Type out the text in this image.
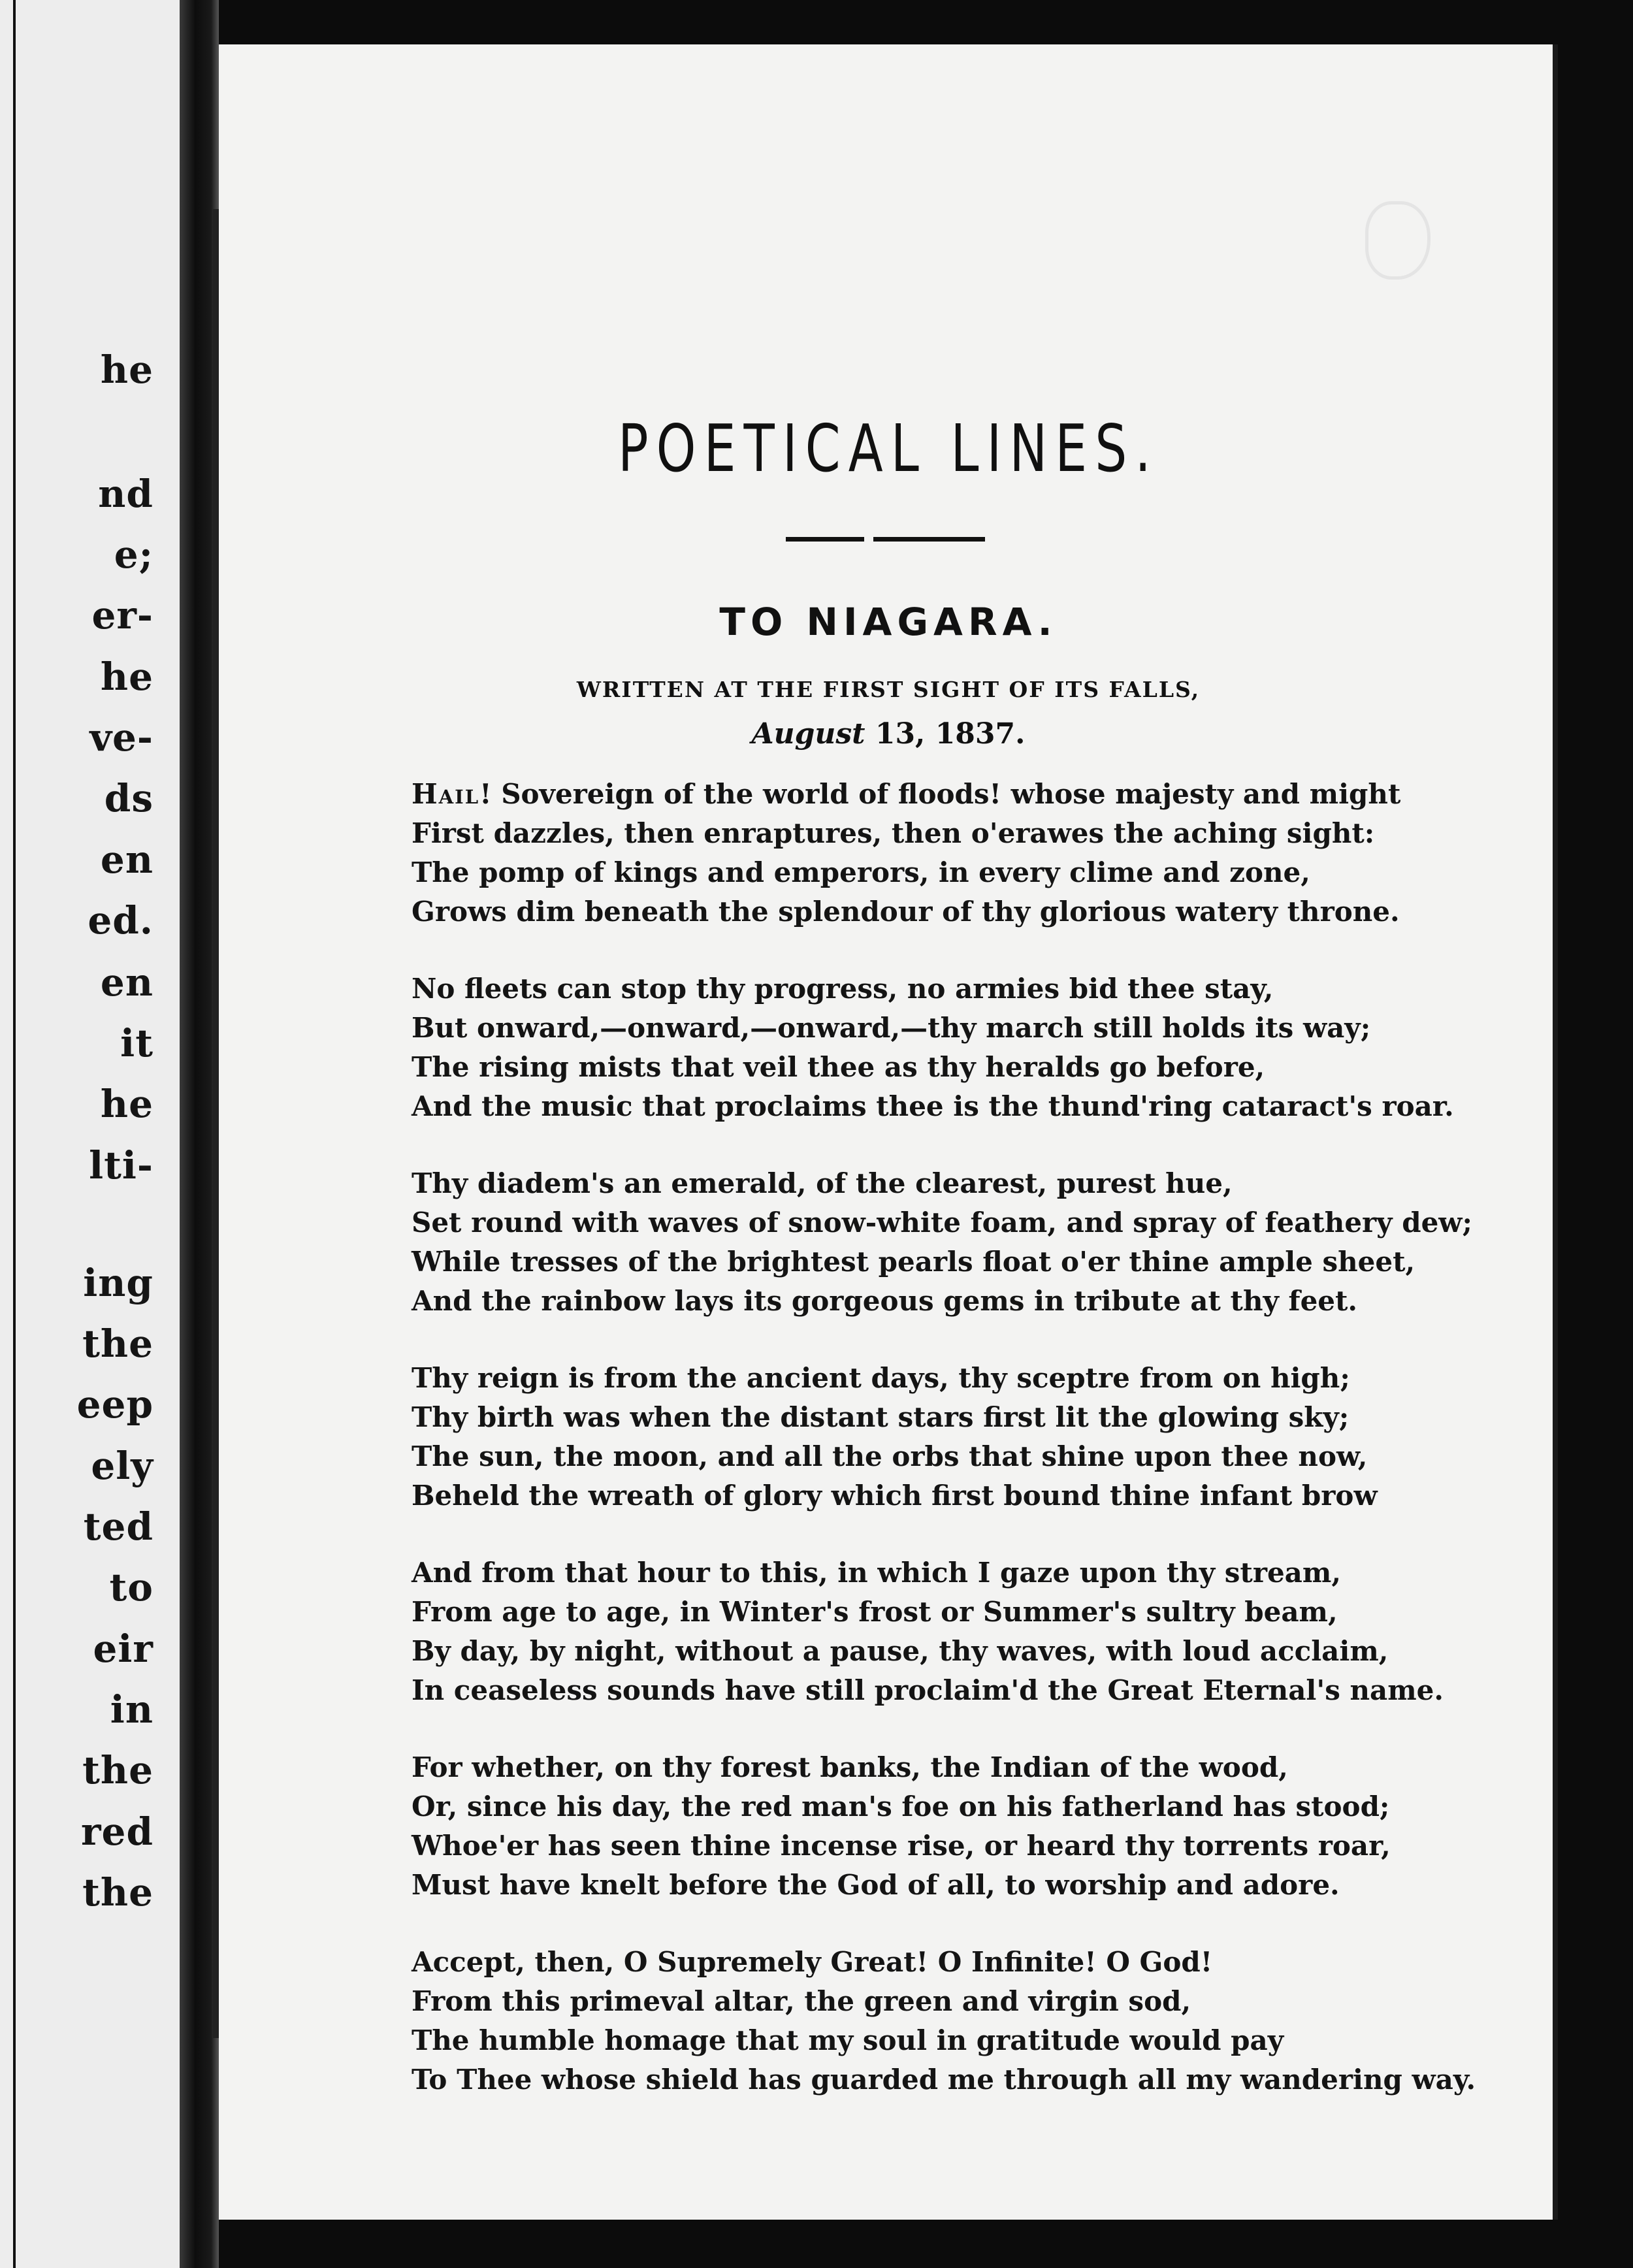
he
nd
e;
er-
he
ve-
ds
en
ed.
en
it
he
lti-
ing
the
eep
ely
ted
to
eir
in
the
red
the
POETICAL LINES.
TO NIAGARA.

WRITTEN AT THE FIRST SIGHT OF ITS FALLS,

August 13, 1837.

Hail! Sovereign of the world of floods! whose majesty and might
First dazzles, then enraptures, then o'erawes the aching sight:
The pomp of kings and emperors, in every clime and zone,
Grows dim beneath the splendour of thy glorious watery throne.
No fleets can stop thy progress, no armies bid thee stay,
But onward,—onward,—onward,—thy march still holds its way;
The rising mists that veil thee as thy heralds go before,
And the music that proclaims thee is the thund'ring cataract's roar.
Thy diadem's an emerald, of the clearest, purest hue,
Set round with waves of snow-white foam, and spray of feathery dew;
While tresses of the brightest pearls float o'er thine ample sheet,
And the rainbow lays its gorgeous gems in tribute at thy feet.
Thy reign is from the ancient days, thy sceptre from on high;
Thy birth was when the distant stars first lit the glowing sky;
The sun, the moon, and all the orbs that shine upon thee now,
Beheld the wreath of glory which first bound thine infant brow
And from that hour to this, in which I gaze upon thy stream,
From age to age, in Winter's frost or Summer's sultry beam,
By day, by night, without a pause, thy waves, with loud acclaim,
In ceaseless sounds have still proclaim'd the Great Eternal's name.
For whether, on thy forest banks, the Indian of the wood,
Or, since his day, the red man's foe on his fatherland has stood;
Whoe'er has seen thine incense rise, or heard thy torrents roar,
Must have knelt before the God of all, to worship and adore.
Accept, then, O Supremely Great! O Infinite! O God!
From this primeval altar, the green and virgin sod,
The humble homage that my soul in gratitude would pay
To Thee whose shield has guarded me through all my wandering way.
